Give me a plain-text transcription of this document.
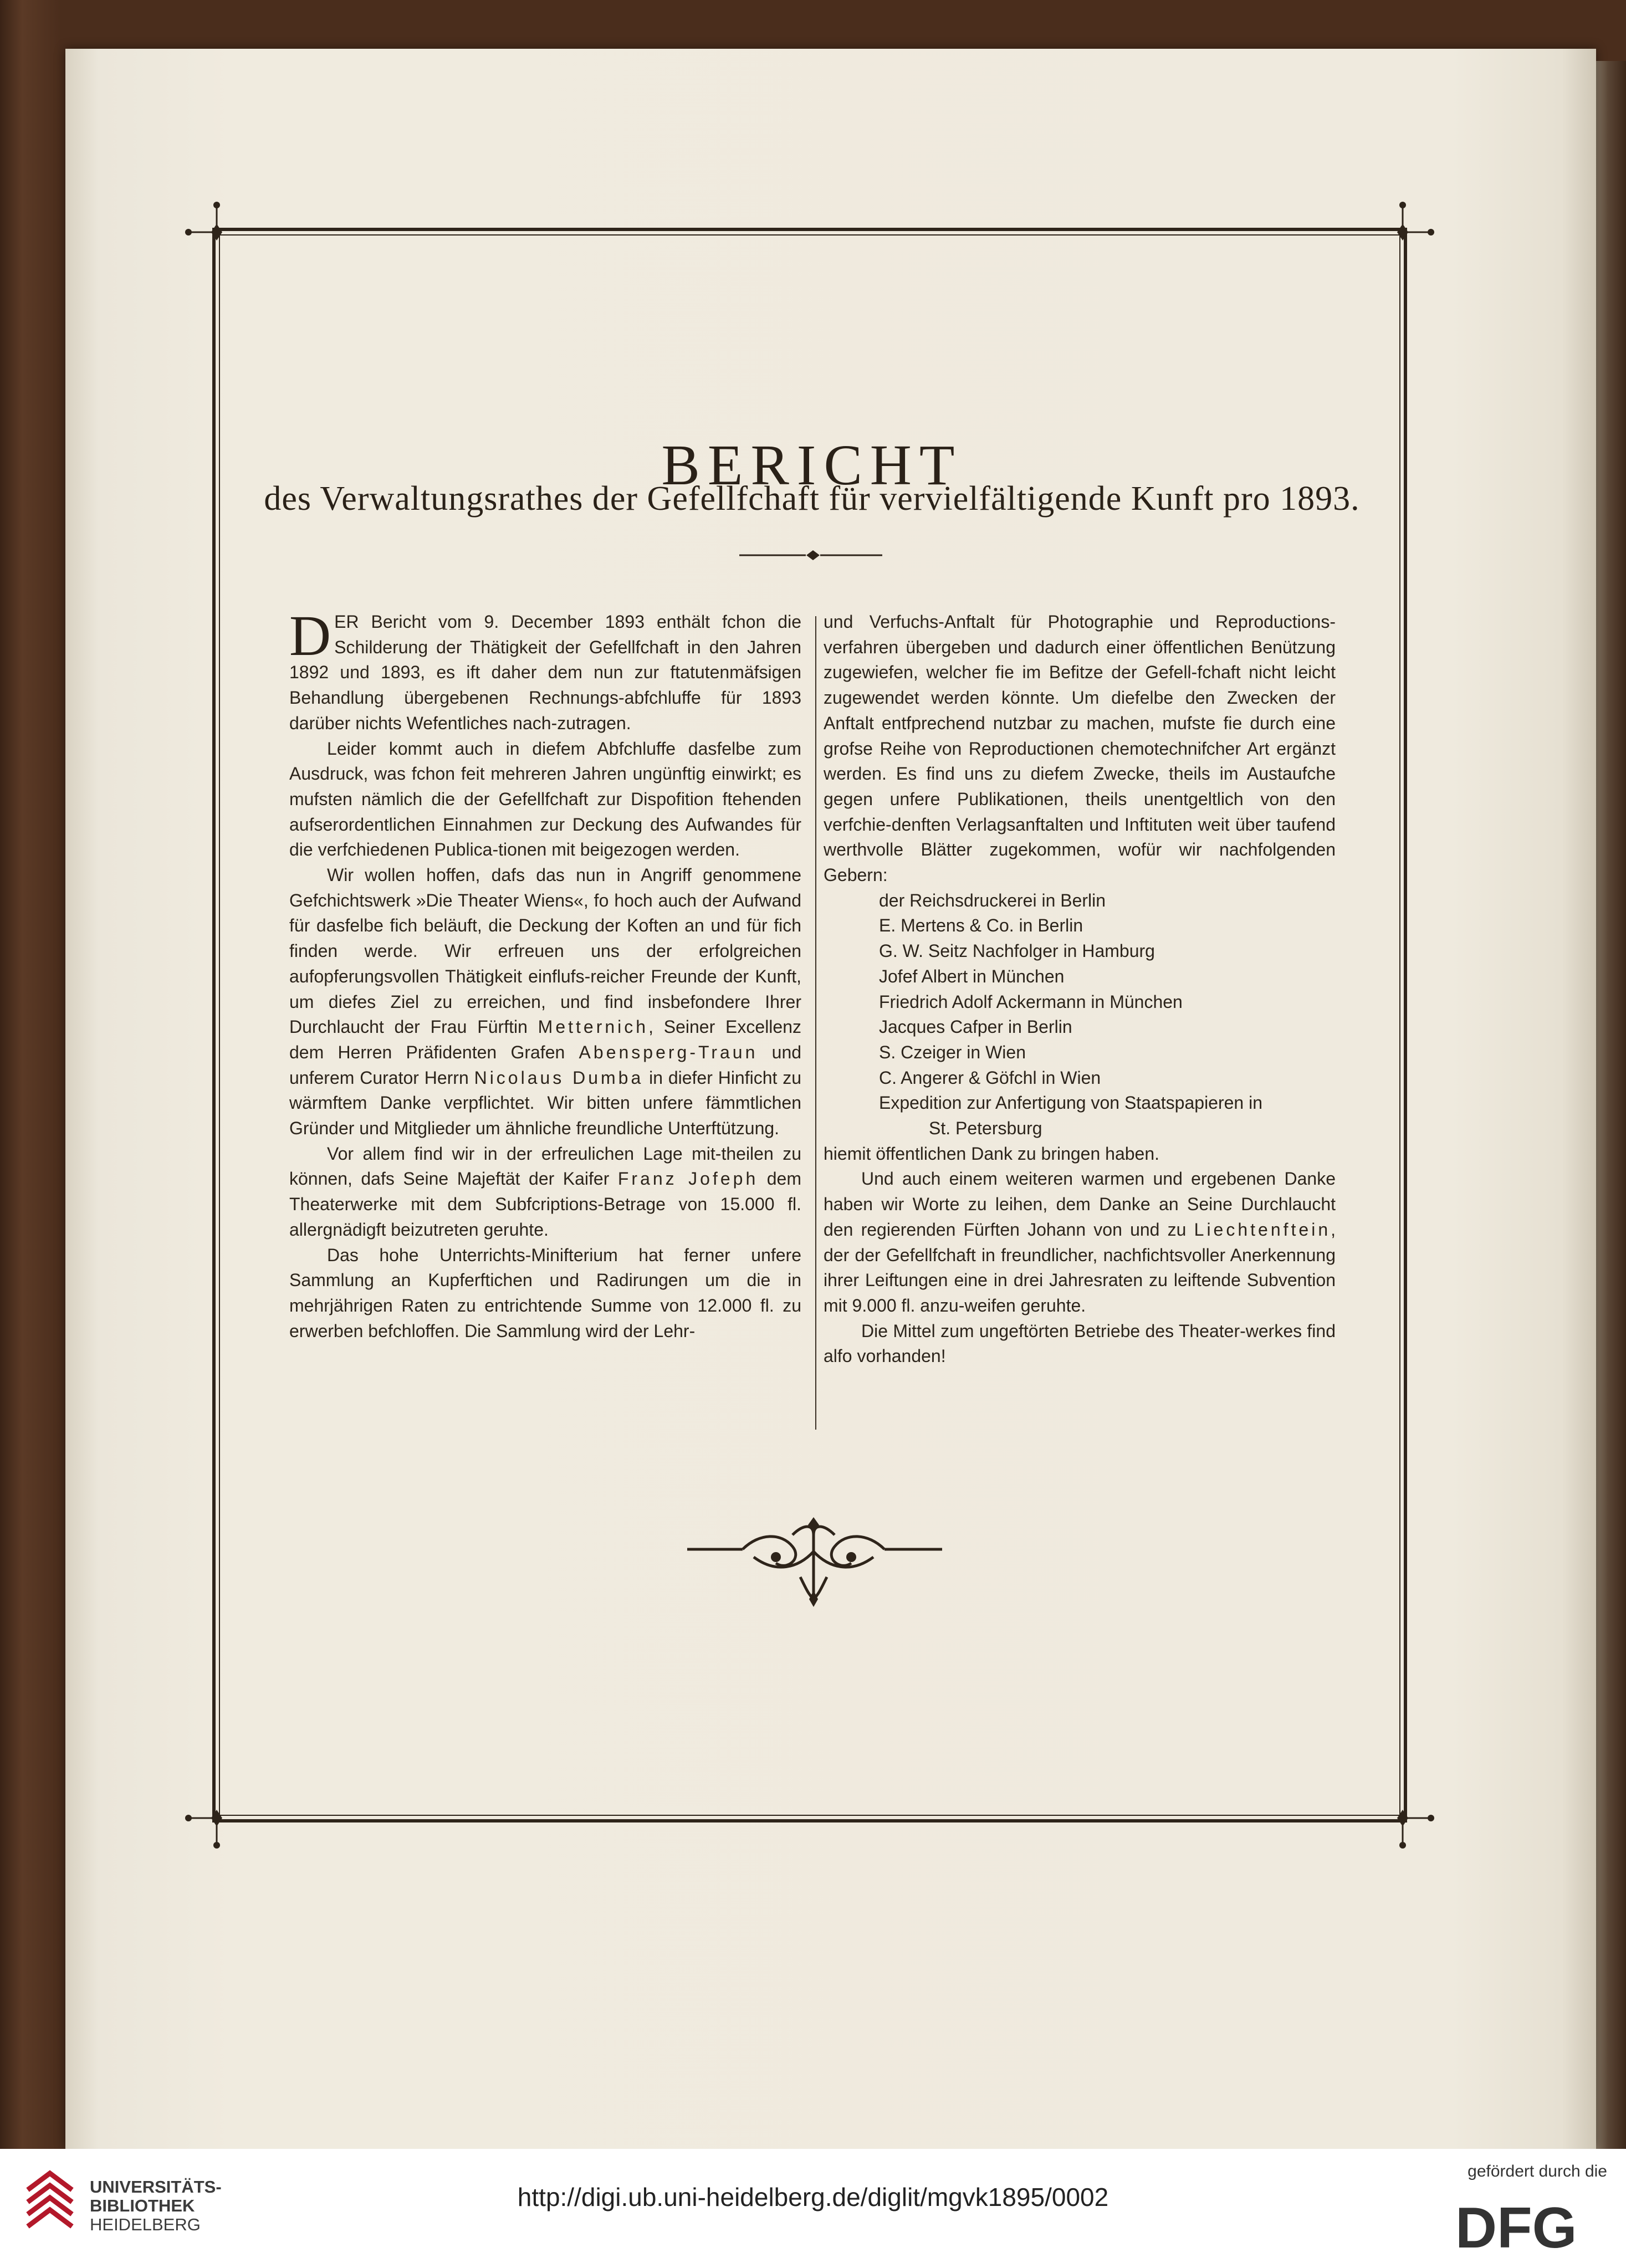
BERICHT
des Verwaltungsrathes der Gefellfchaft für vervielfältigende Kunft pro 1893.

DER Bericht vom 9. December 1893 enthält fchon die Schilderung der Thätigkeit der Gefellfchaft in den Jahren 1892 und 1893, es ift daher dem nun zur ftatutenmäfsigen Behandlung übergebenen Rechnungs-abfchluffe für 1893 darüber nichts Wefentliches nach-zutragen.

Leider kommt auch in diefem Abfchluffe dasfelbe zum Ausdruck, was fchon feit mehreren Jahren ungünftig einwirkt; es mufsten nämlich die der Gefellfchaft zur Dispofition ftehenden aufserordentlichen Einnahmen zur Deckung des Aufwandes für die verfchiedenen Publica-tionen mit beigezogen werden.

Wir wollen hoffen, dafs das nun in Angriff genommene Gefchichtswerk »Die Theater Wiens«, fo hoch auch der Aufwand für dasfelbe fich beläuft, die Deckung der Koften an und für fich finden werde. Wir erfreuen uns der erfolgreichen aufopferungsvollen Thätigkeit einflufs-reicher Freunde der Kunft, um diefes Ziel zu erreichen, und find insbefondere Ihrer Durchlaucht der Frau Fürftin Metternich, Seiner Excellenz dem Herren Präfidenten Grafen Abensperg-Traun und unferem Curator Herrn Nicolaus Dumba in diefer Hinficht zu wärmftem Danke verpflichtet. Wir bitten unfere fämmtlichen Gründer und Mitglieder um ähnliche freundliche Unterftützung.

Vor allem find wir in der erfreulichen Lage mit-theilen zu können, dafs Seine Majeftät der Kaifer Franz Jofeph dem Theaterwerke mit dem Subfcriptions-Betrage von 15.000 fl. allergnädigft beizutreten geruhte.

Das hohe Unterrichts-Minifterium hat ferner unfere Sammlung an Kupferftichen und Radirungen um die in mehrjährigen Raten zu entrichtende Summe von 12.000 fl. zu erwerben befchloffen. Die Sammlung wird der Lehr-

und Verfuchs-Anftalt für Photographie und Reproductions-verfahren übergeben und dadurch einer öffentlichen Benützung zugewiefen, welcher fie im Befitze der Gefell-fchaft nicht leicht zugewendet werden könnte. Um diefelbe den Zwecken der Anftalt entfprechend nutzbar zu machen, mufste fie durch eine grofse Reihe von Reproductionen chemotechnifcher Art ergänzt werden. Es find uns zu diefem Zwecke, theils im Austaufche gegen unfere Publikationen, theils unentgeltlich von den verfchie-denften Verlagsanftalten und Inftituten weit über taufend werthvolle Blätter zugekommen, wofür wir nachfolgenden Gebern:

der Reichsdruckerei in Berlin
E. Mertens & Co. in Berlin
G. W. Seitz Nachfolger in Hamburg
Jofef Albert in München
Friedrich Adolf Ackermann in München
Jacques Cafper in Berlin
S. Czeiger in Wien
C. Angerer & Göfchl in Wien
Expedition zur Anfertigung von Staatspapieren in
St. Petersburg

hiemit öffentlichen Dank zu bringen haben.

Und auch einem weiteren warmen und ergebenen Danke haben wir Worte zu leihen, dem Danke an Seine Durchlaucht den regierenden Fürften Johann von und zu Liechtenftein, der der Gefellfchaft in freundlicher, nachfichtsvoller Anerkennung ihrer Leiftungen eine in drei Jahresraten zu leiftende Subvention mit 9.000 fl. anzu-weifen geruhte.

Die Mittel zum ungeftörten Betriebe des Theater-werkes find alfo vorhanden!

UNIVERSITÄTS-
BIBLIOTHEK
HEIDELBERG
http://digi.ub.uni-heidelberg.de/diglit/mgvk1895/0002
gefördert durch die
DFG
